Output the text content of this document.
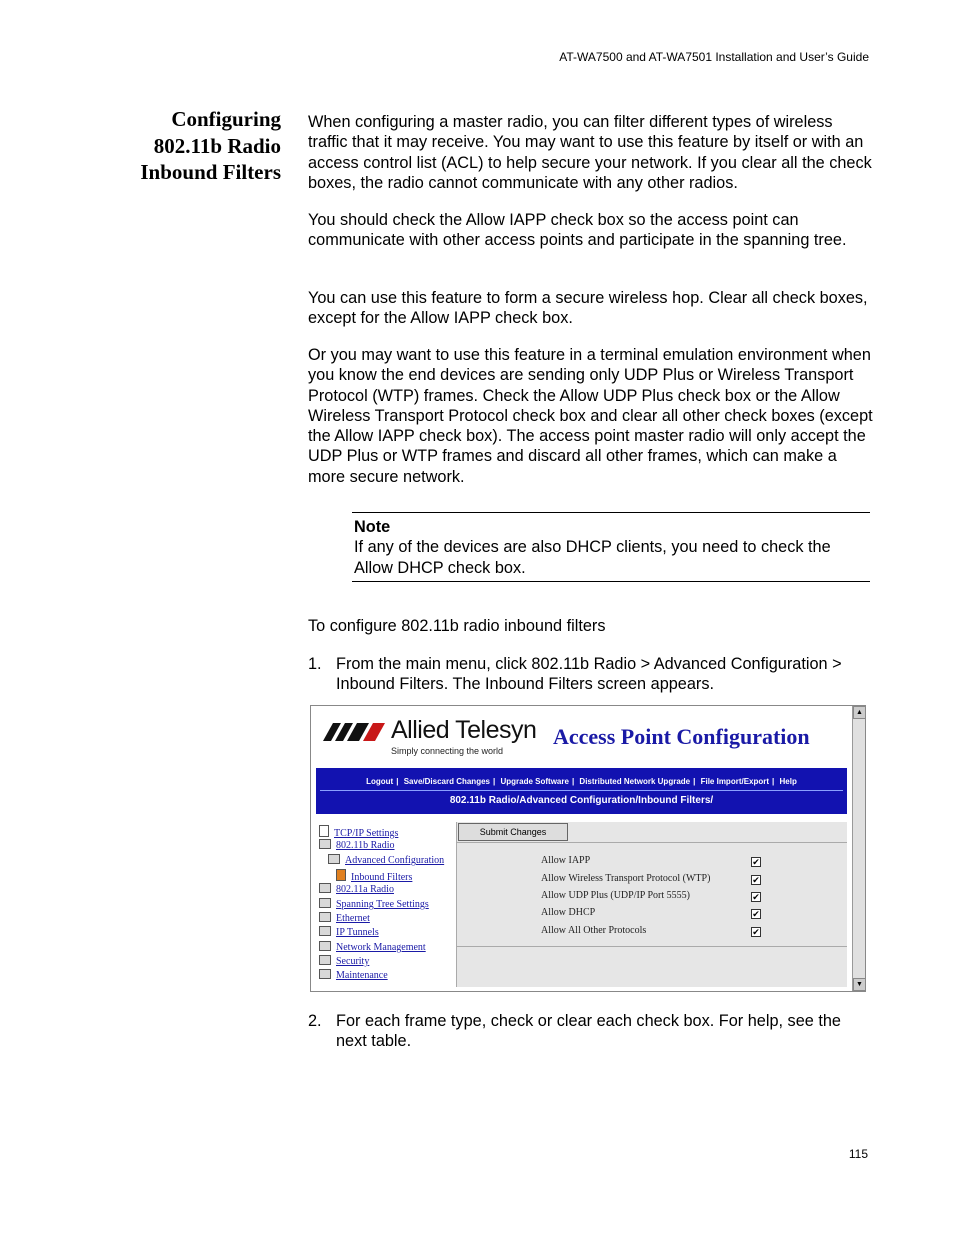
AT-WA7500 and AT-WA7501 Installation and User’s Guide
Configuring
802.11b Radio
Inbound Filters

When configuring a master radio, you can filter different types of wireless traffic that it may receive. You may want to use this feature by itself or with an access control list (ACL) to help secure your network. If you clear all the check boxes, the radio cannot communicate with any other radios.

You should check the Allow IAPP check box so the access point can communicate with other access points and participate in the spanning tree.

You can use this feature to form a secure wireless hop. Clear all check boxes, except for the Allow IAPP check box.

Or you may want to use this feature in a terminal emulation environment when you know the end devices are sending only UDP Plus or Wireless Transport Protocol (WTP) frames. Check the Allow UDP Plus check box or the Allow Wireless Transport Protocol check box and clear all other check boxes (except the Allow IAPP check box). The access point master radio will only accept the UDP Plus or WTP frames and discard all other frames, which can make a more secure network.

Note
If any of the devices are also DHCP clients, you need to check the Allow DHCP check box.

To configure 802.11b radio inbound filters

1. From the main menu, click 802.11b Radio > Advanced Configuration > Inbound Filters. The Inbound Filters screen appears.
Allied Telesyn
Simply connecting the world
Access Point Configuration
Logout | Save/Discard Changes | Upgrade Software | Distributed Network Upgrade | File Import/Export | Help
802.11b Radio/Advanced Configuration/Inbound Filters/
TCP/IP Settings
802.11b Radio
Advanced Configuration
Inbound Filters
802.11a Radio
Spanning Tree Settings
Ethernet
IP Tunnels
Network Management
Security
Maintenance
Submit Changes
Allow IAPP	✔
Allow Wireless Transport Protocol (WTP)	✔
Allow UDP Plus (UDP/IP Port 5555)	✔
Allow DHCP	✔
Allow All Other Protocols	✔
▲
▼
2. For each frame type, check or clear each check box. For help, see the next table.
115
